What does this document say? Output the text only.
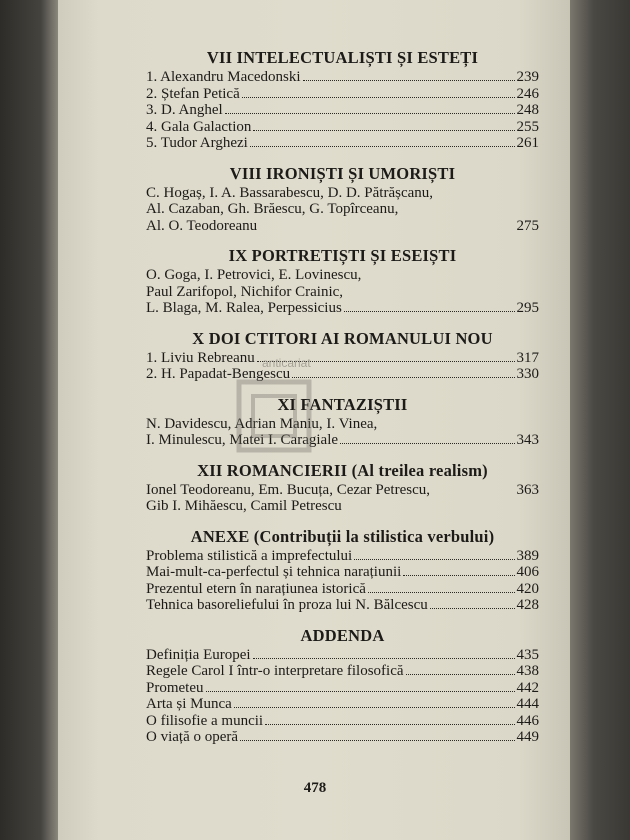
VII INTELECTUALIȘTI ȘI ESTEȚI
1. Alexandru Macedonski	239
2. Ștefan Petică	246
3. D. Anghel	248
4. Gala Galaction	255
5. Tudor Arghezi	261
VIII IRONIȘTI ȘI UMORIȘTI
C. Hogaș, I. A. Bassarabescu, D. D. Pătrășcanu,
Al. Cazaban, Gh. Brăescu, G. Topîrceanu,
Al. O. Teodoreanu	275
IX PORTRETIȘTI ȘI ESEIȘTI
O. Goga, I. Petrovici, E. Lovinescu,
Paul Zarifopol, Nichifor Crainic,
L. Blaga, M. Ralea, Perpessicius	295
X DOI CTITORI AI ROMANULUI NOU
1. Liviu Rebreanu	317
2. H. Papadat-Bengescu	330
XI FANTAZIȘTII
N. Davidescu, Adrian Maniu, I. Vinea,
I. Minulescu, Matei I. Caragiale	343
XII ROMANCIERII (Al treilea realism)
Ionel Teodoreanu, Em. Bucuța, Cezar Petrescu,	363
Gib I. Mihăescu, Camil Petrescu
ANEXE (Contribuții la stilistica verbului)
Problema stilistică a imprefectului	389
Mai-mult-ca-perfectul și tehnica narațiunii	406
Prezentul etern în narațiunea istorică	420
Tehnica basoreliefului în proza lui N. Bălcescu	428
ADDENDA
Definiția Europei	435
Regele Carol I într-o interpretare filosofică	438
Prometeu	442
Arta și Munca	444
O filisofie a muncii	446
O viață o operă	449
anticariat
478
